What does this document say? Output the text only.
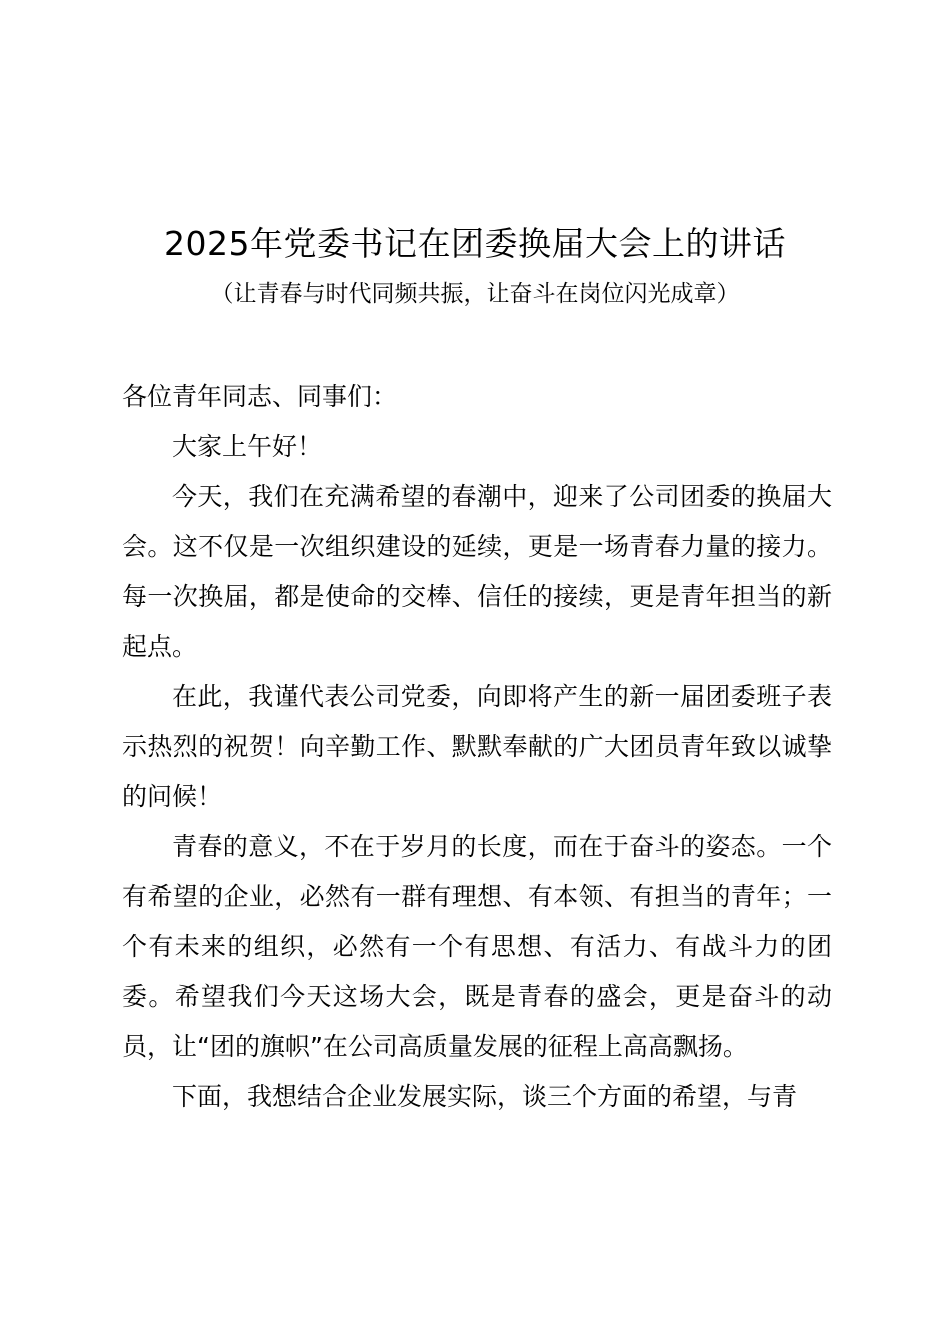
2025年党委书记在团委换届大会上的讲话
（让青春与时代同频共振，让奋斗在岗位闪光成章）

各位青年同志、同事们：

大家上午好！

今天，我们在充满希望的春潮中，迎来了公司团委的换届大会。这不仅是一次组织建设的延续，更是一场青春力量的接力。每一次换届，都是使命的交棒、信任的接续，更是青年担当的新起点。

在此，我谨代表公司党委，向即将产生的新一届团委班子表示热烈的祝贺！向辛勤工作、默默奉献的广大团员青年致以诚挚的问候！

青春的意义，不在于岁月的长度，而在于奋斗的姿态。一个有希望的企业，必然有一群有理想、有本领、有担当的青年；一个有未来的组织，必然有一个有思想、有活力、有战斗力的团委。希望我们今天这场大会，既是青春的盛会，更是奋斗的动员，让“团的旗帜”在公司高质量发展的征程上高高飘扬。

下面，我想结合企业发展实际，谈三个方面的希望，与青
